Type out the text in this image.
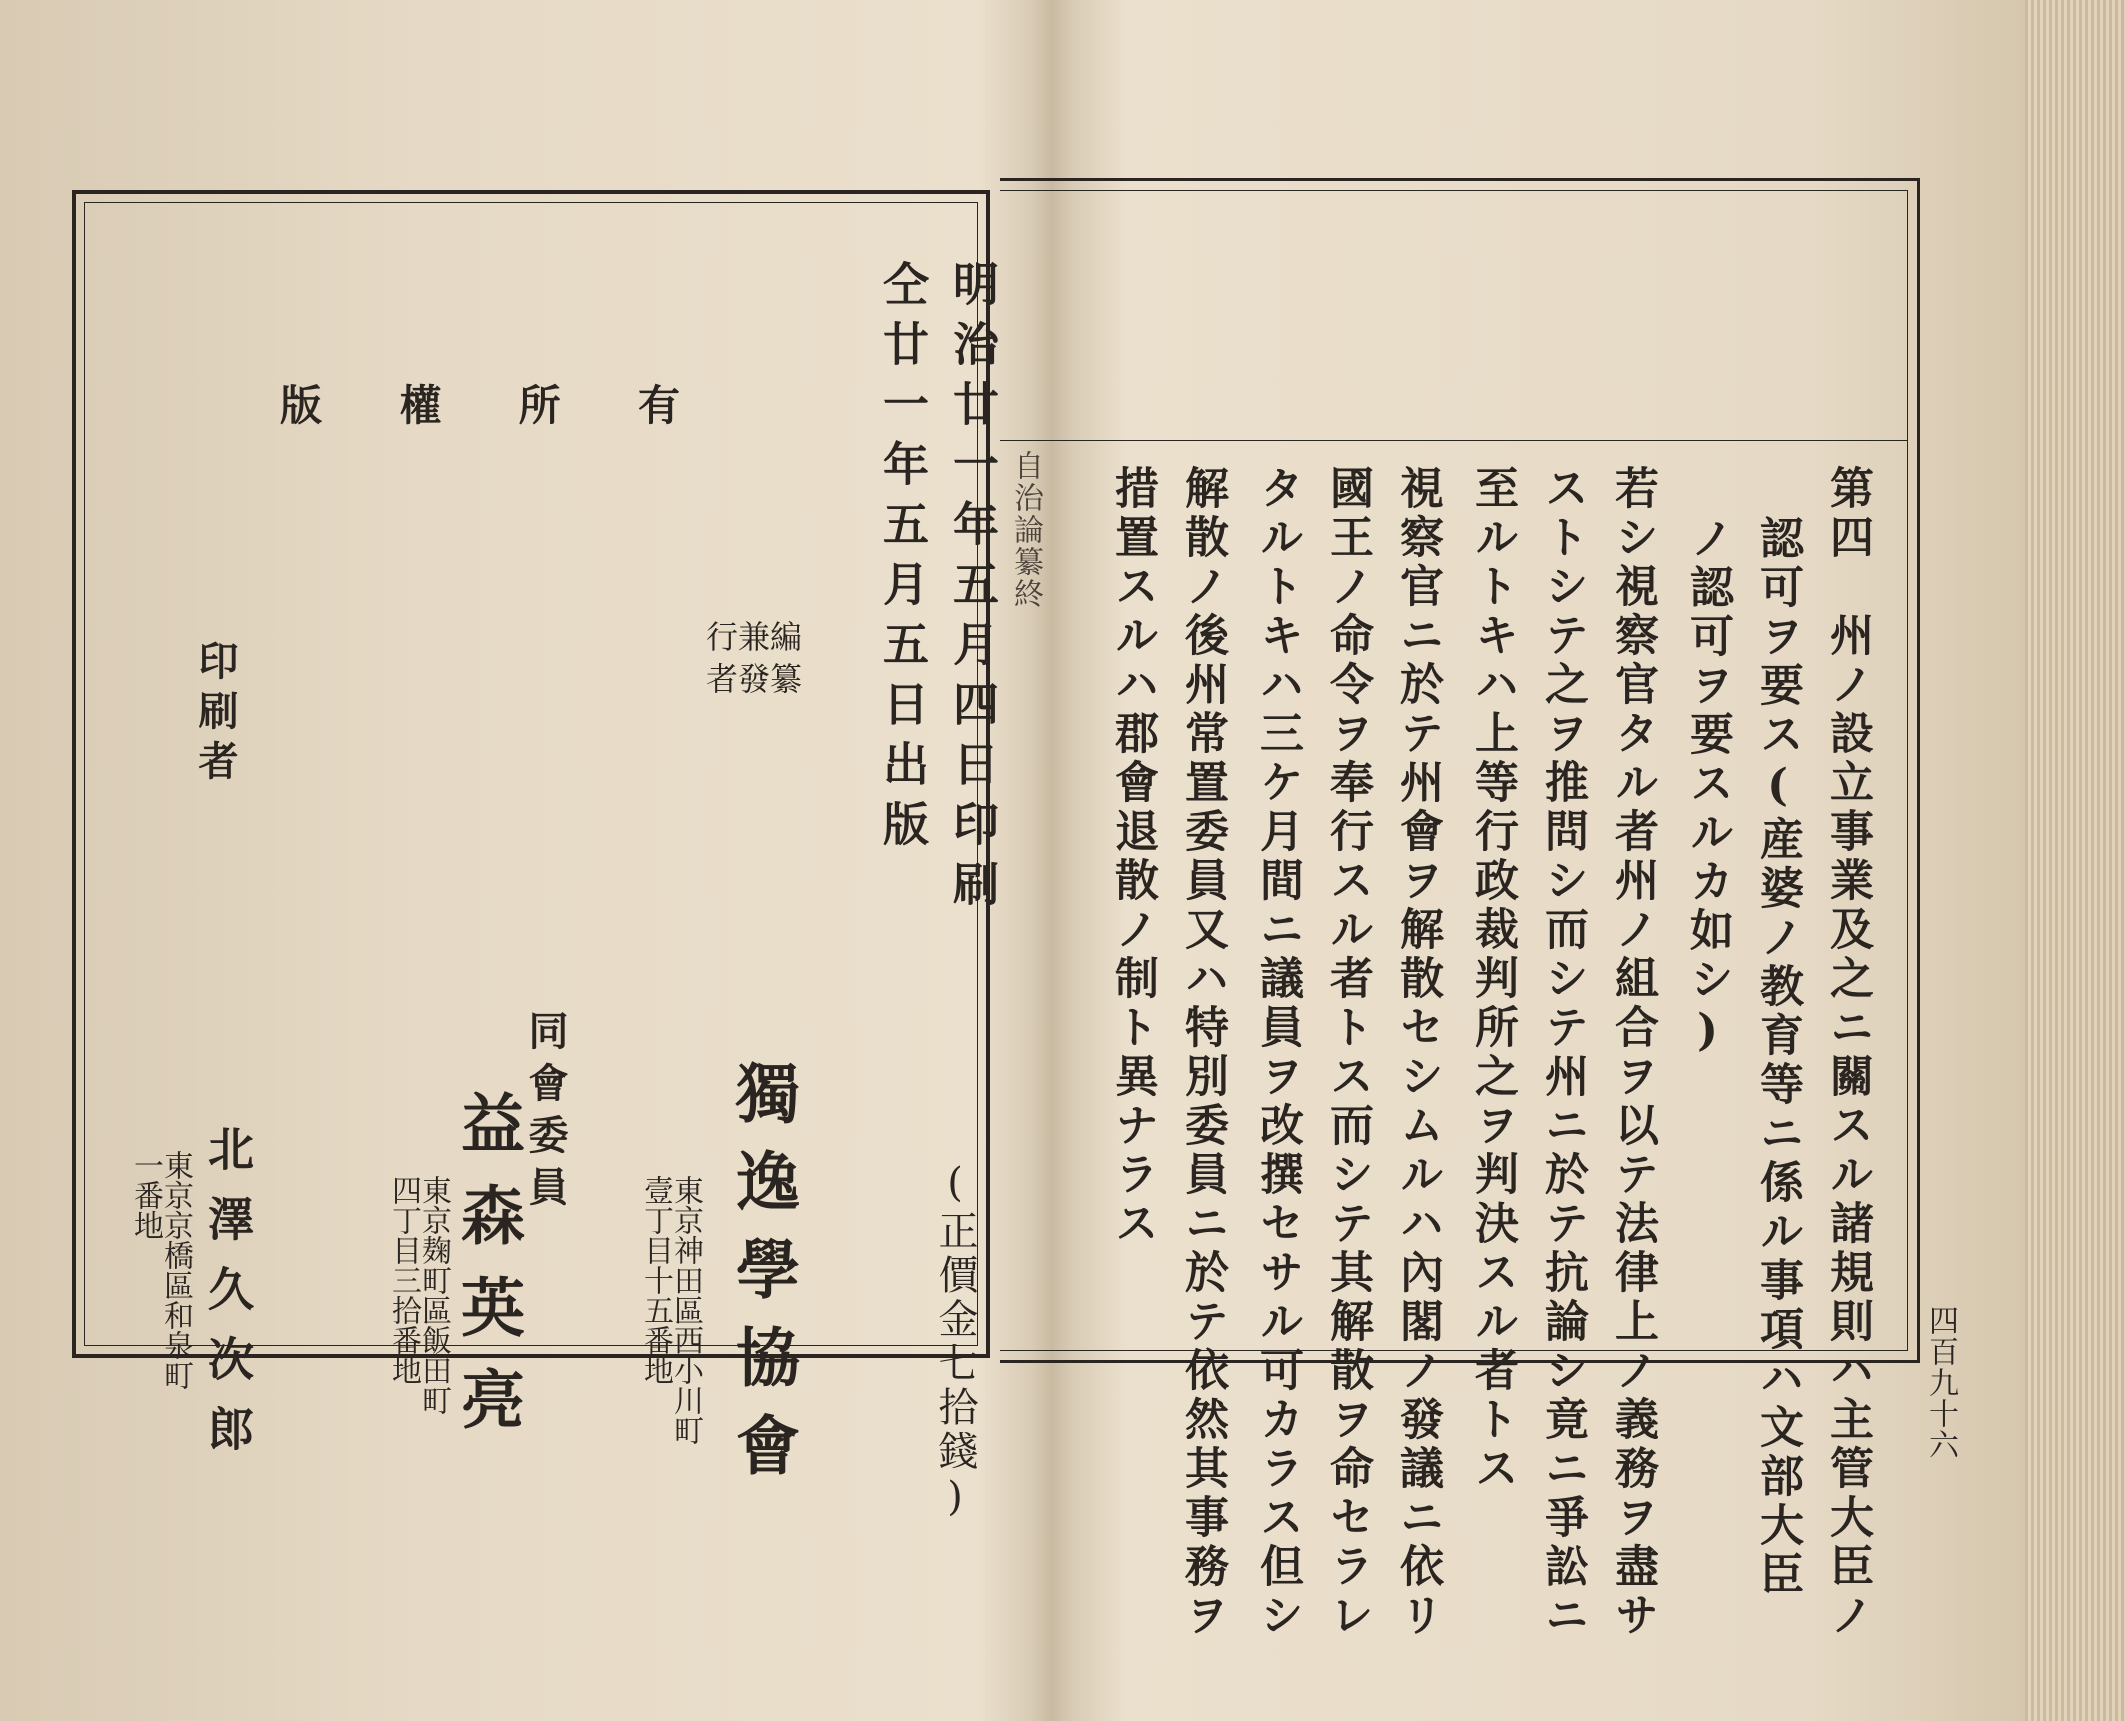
版 權 所 有	明治廿一年五月四日印刷
仝廿一年五月五日出版
(正價金七拾錢)
編纂兼發行者
獨逸學協會
東京神田區西小川町
壹丁目十五番地
同會委員
益森英亮
東京麹町區飯田町
四丁目三拾番地
印刷者
北澤久次郎
東京京橋區和泉町
一番地
自治論纂終
四百九十六
第四　州ノ設立事業及之ニ關スル諸規則ハ主管大臣ノ
認可ヲ要ス(産婆ノ教育等ニ係ル事項ハ文部大臣
ノ認可ヲ要スルカ如シ)
若シ視察官タル者州ノ組合ヲ以テ法律上ノ義務ヲ盡サ
ストシテ之ヲ推問シ而シテ州ニ於テ抗論シ竟ニ爭訟ニ
至ルトキハ上等行政裁判所之ヲ判決スル者トス
視察官ニ於テ州會ヲ解散セシムルハ內閣ノ發議ニ依リ
國王ノ命令ヲ奉行スル者トス而シテ其解散ヲ命セラレ
タルトキハ三ケ月間ニ議員ヲ改撰セサル可カラス但シ
解散ノ後州常置委員又ハ特別委員ニ於テ依然其事務ヲ
措置スルハ郡會退散ノ制ト異ナラス
